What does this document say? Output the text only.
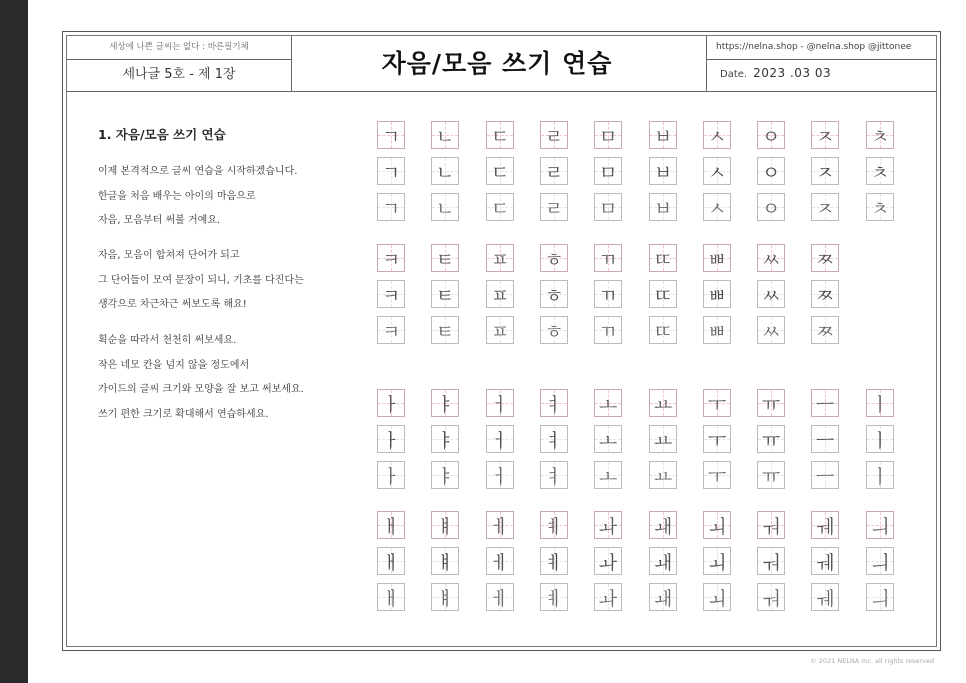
세상에 나쁜 글씨는 없다 : 바른필기체
세나글 5호 - 제 1장	자음/모음 쓰기 연습
https://nelna.shop - @nelna.shop @jittonee
Date. 2023 .03 03
1. 자음/모음 쓰기 연습
이제 본격적으로 글씨 연습을 시작하겠습니다.
한글을 처음 배우는 아이의 마음으로
자음, 모음부터 써볼 거예요.
자음, 모음이 합쳐져 단어가 되고
그 단어들이 모여 문장이 되니, 기초를 다진다는
생각으로 차근차근 써보도록 해요!
획순을 따라서 천천히 써보세요.
작은 네모 칸을 넘지 않을 정도에서
가이드의 글씨 크기와 모양을 잘 보고 써보세요.
쓰기 편한 크기로 확대해서 연습하세요.
ㄱ
ㄱ
ㄱ
ㄴ
ㄴ
ㄴ
ㄷ
ㄷ
ㄷ
ㄹ
ㄹ
ㄹ
ㅁ
ㅁ
ㅁ
ㅂ
ㅂ
ㅂ
ㅅ
ㅅ
ㅅ
ㅇ
ㅇ
ㅇ
ㅈ
ㅈ
ㅈ
ㅊ
ㅊ
ㅊ
ㅋ
ㅋ
ㅋ
ㅌ
ㅌ
ㅌ
ㅍ
ㅍ
ㅍ
ㅎ
ㅎ
ㅎ
ㄲ
ㄲ
ㄲ
ㄸ
ㄸ
ㄸ
ㅃ
ㅃ
ㅃ
ㅆ
ㅆ
ㅆ
ㅉ
ㅉ
ㅉ
ㅏ
ㅏ
ㅏ
ㅑ
ㅑ
ㅑ
ㅓ
ㅓ
ㅓ
ㅕ
ㅕ
ㅕ
ㅗ
ㅗ
ㅗ
ㅛ
ㅛ
ㅛ
ㅜ
ㅜ
ㅜ
ㅠ
ㅠ
ㅠ
ㅡ
ㅡ
ㅡ
ㅣ
ㅣ
ㅣ
ㅐ
ㅐ
ㅐ
ㅒ
ㅒ
ㅒ
ㅔ
ㅔ
ㅔ
ㅖ
ㅖ
ㅖ
ㅘ
ㅘ
ㅘ
ㅙ
ㅙ
ㅙ
ㅚ
ㅚ
ㅚ
ㅝ
ㅝ
ㅝ
ㅞ
ㅞ
ㅞ
ㅢ
ㅢ
ㅢ
© 2021 NELNA Inc. all rights reserved
